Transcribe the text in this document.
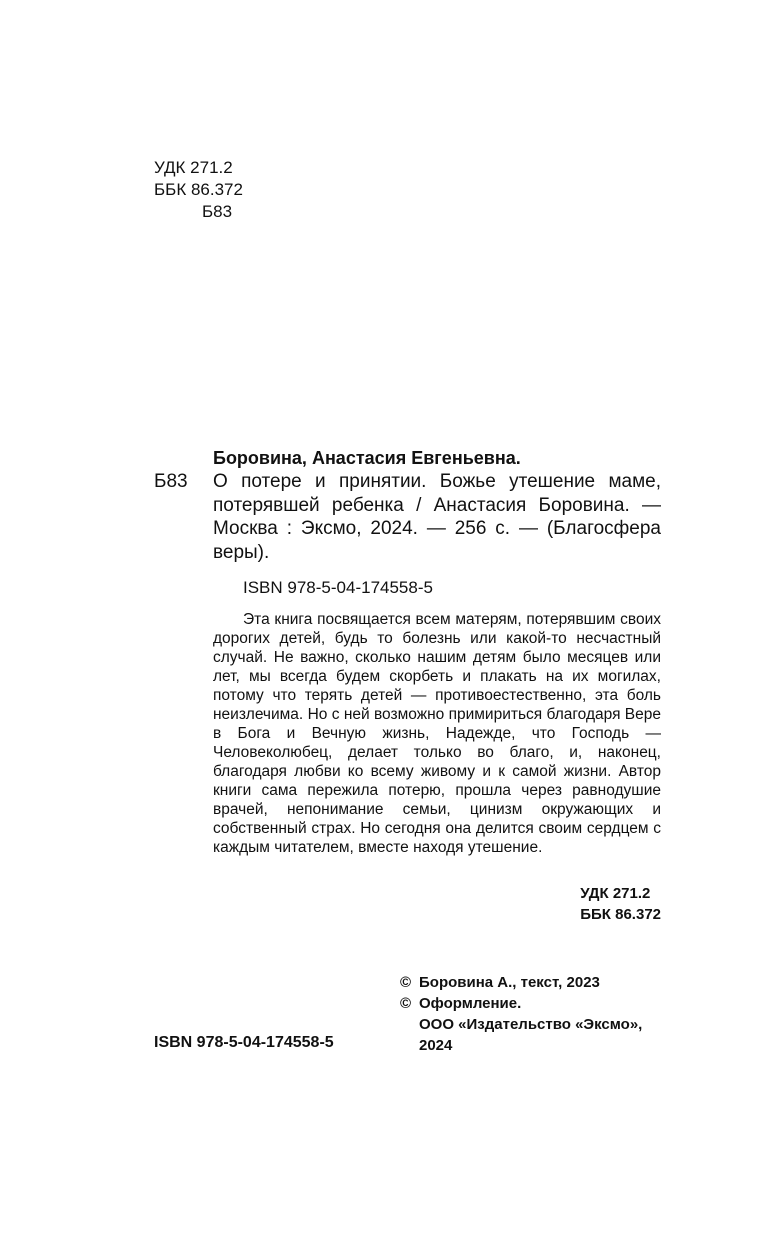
УДК 271.2
ББК 86.372
Б83
Боровина, Анастасия Евгеньевна.
Б83 О потере и принятии. Божье утешение маме, потерявшей ребенка / Анастасия Боровина. — Москва : Эксмо, 2024. — 256 с. — (Благосфера веры).
ISBN 978-5-04-174558-5
Эта книга посвящается всем матерям, потерявшим своих дорогих детей, будь то болезнь или какой-то несчастный случай. Не важно, сколько нашим детям было месяцев или лет, мы всегда будем скорбеть и плакать на их могилах, потому что терять детей — противоестественно, эта боль неизлечима. Но с ней возможно примириться благодаря Вере в Бога и Вечную жизнь, Надежде, что Господь — Человеколюбец, делает только во благо, и, наконец, благодаря любви ко всему живому и к самой жизни. Автор книги сама пережила потерю, прошла через равнодушие врачей, непонимание семьи, цинизм окружающих и собственный страх. Но сегодня она делится своим сердцем с каждым читателем, вместе находя утешение.
УДК 271.2
ББК 86.372
© Боровина А., текст, 2023
© Оформление.
ООО «Издательство «Эксмо», 2024
ISBN 978-5-04-174558-5
